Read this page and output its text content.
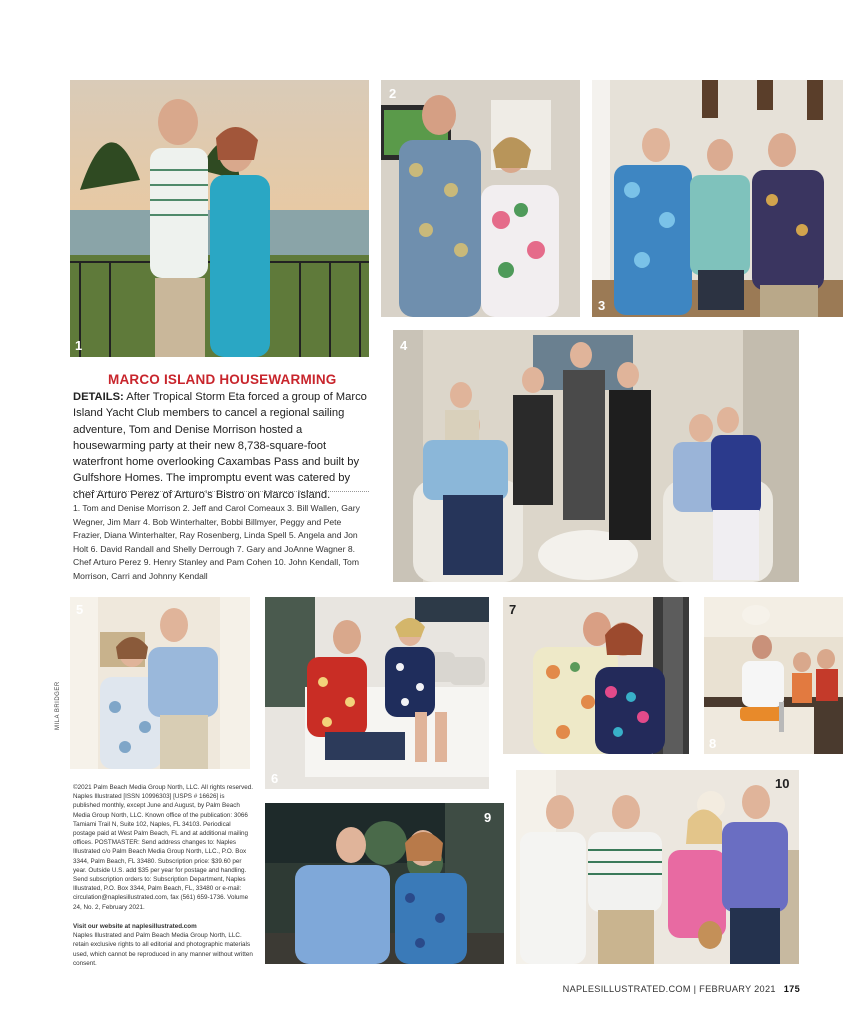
1
2
3
4
5
6
7
8
9
10
MARCO ISLAND HOUSEWARMING

DETAILS: After Tropical Storm Eta forced a group of Marco Island Yacht Club members to cancel a regional sailing adventure, Tom and Denise Morrison hosted a housewarming party at their new 8,738-square-foot waterfront home overlooking Caxambas Pass and built by Gulfshore Homes. The impromptu event was catered by chef Arturo Perez of Arturo’s Bistro on Marco Island.

1. Tom and Denise Morrison 2. Jeff and Carol Comeaux 3. Bill Wallen, Gary Wegner, Jim Marr 4. Bob Winterhalter, Bobbi Billmyer, Peggy and Pete Frazier, Diana Winterhalter, Ray Rosenberg, Linda Spell 5. Angela and Jon Holt 6. David Randall and Shelly Derrough 7. Gary and JoAnne Wagner 8. Chef Arturo Perez 9. Henry Stanley and Pam Cohen 10. John Kendall, Tom Morrison, Carri and Johnny Kendall

MILA BRIDGER

©2021 Palm Beach Media Group North, LLC. All rights reserved. Naples Illustrated [ISSN 10996303] [USPS # 16626] is published monthly, except June and August, by Palm Beach Media Group North, LLC. Known office of the publication: 3066 Tamiami Trail N, Suite 102, Naples, FL 34103. Periodical postage paid at West Palm Beach, FL and at additional mailing offices. POSTMASTER: Send address changes to: Naples Illustrated c/o Palm Beach Media Group North, LLC., P.O. Box 3344, Palm Beach, FL 33480. Subscription price: $39.60 per year. Outside U.S. add $35 per year for postage and handling. Send subscription orders to: Subscription Department, Naples Illustrated, P.O. Box 3344, Palm Beach, FL, 33480 or e-mail: circulation@naplesillustrated.com, fax (561) 659-1736. Volume 24, No. 2, February 2021.

Visit our website at naplesillustrated.com
Naples Illustrated and Palm Beach Media Group North, LLC. retain exclusive rights to all editorial and photographic materials used, which cannot be reproduced in any manner without written consent.

NAPLESILLUSTRATED.COM | FEBRUARY 2021 175
